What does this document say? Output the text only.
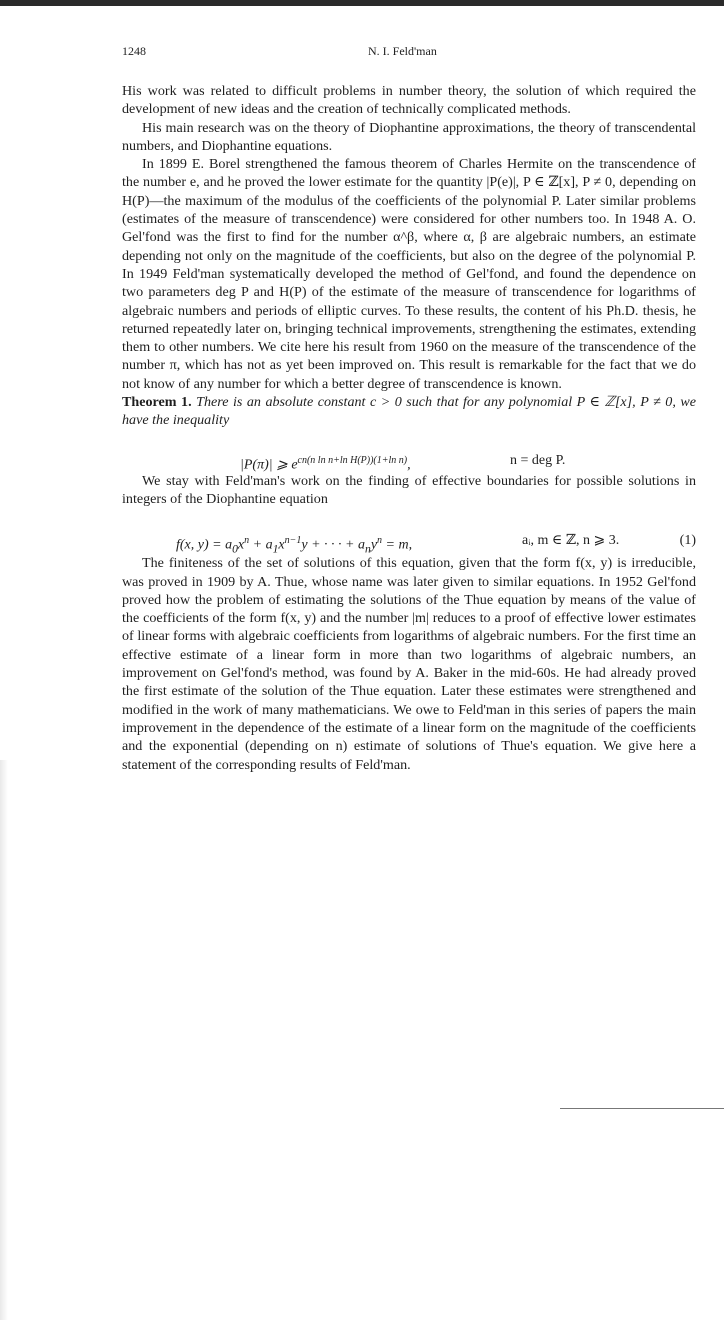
1248	N. I. Feld'man

His work was related to difficult problems in number theory, the solution of which required the development of new ideas and the creation of technically complicated methods.

His main research was on the theory of Diophantine approximations, the theory of transcendental numbers, and Diophantine equations.

In 1899 E. Borel strengthened the famous theorem of Charles Hermite on the transcendence of the number e, and he proved the lower estimate for the quantity |P(e)|, P ∈ ℤ[x], P ≠ 0, depending on H(P)—the maximum of the modulus of the coefficients of the polynomial P. Later similar problems (estimates of the measure of transcendence) were considered for other numbers too. In 1948 A. O. Gel'fond was the first to find for the number α^β, where α, β are algebraic numbers, an estimate depending not only on the magnitude of the coefficients, but also on the degree of the polynomial P. In 1949 Feld'man systematically developed the method of Gel'fond, and found the dependence on two parameters deg P and H(P) of the estimate of the measure of transcendence for logarithms of algebraic numbers and periods of elliptic curves. To these results, the content of his Ph.D. thesis, he returned repeatedly later on, bringing technical improvements, strengthening the estimates, extending them to other numbers. We cite here his result from 1960 on the measure of the transcendence of the number π, which has not as yet been improved on. This result is remarkable for the fact that we do not know of any number for which a better degree of transcendence is known.

Theorem 1. There is an absolute constant c > 0 such that for any polynomial P ∈ ℤ[x], P ≠ 0, we have the inequality

|P(π)| ⩾ $e^{cn(n ln n+ln H(P))(1+ln n)}$,	n = deg P.

We stay with Feld'man's work on the finding of effective boundaries for possible solutions in integers of the Diophantine equation

f(x, $y) = a_0x^n + a_1x^{n-1}y$ + · · · + $a_ny^n = m$,	aᵢ, m ∈ ℤ, n ⩾ 3.	(1)

The finiteness of the set of solutions of this equation, given that the form f(x, y) is irreducible, was proved in 1909 by A. Thue, whose name was later given to similar equations. In 1952 Gel'fond proved how the problem of estimating the solutions of the Thue equation by means of the value of the coefficients of the form f(x, y) and the number |m| reduces to a proof of effective lower estimates of linear forms with algebraic coefficients from logarithms of algebraic numbers. For the first time an effective estimate of a linear form in more than two logarithms of algebraic numbers, an improvement on Gel'fond's method, was found by A. Baker in the mid-60s. He had already proved the first estimate of the solution of the Thue equation. Later these estimates were strengthened and modified in the work of many mathematicians. We owe to Feld'man in this series of papers the main improvement in the dependence of the estimate of a linear form on the magnitude of the coefficients and the exponential (depending on n) estimate of solutions of Thue's equation. We give here a statement of the corresponding results of Feld'man.
